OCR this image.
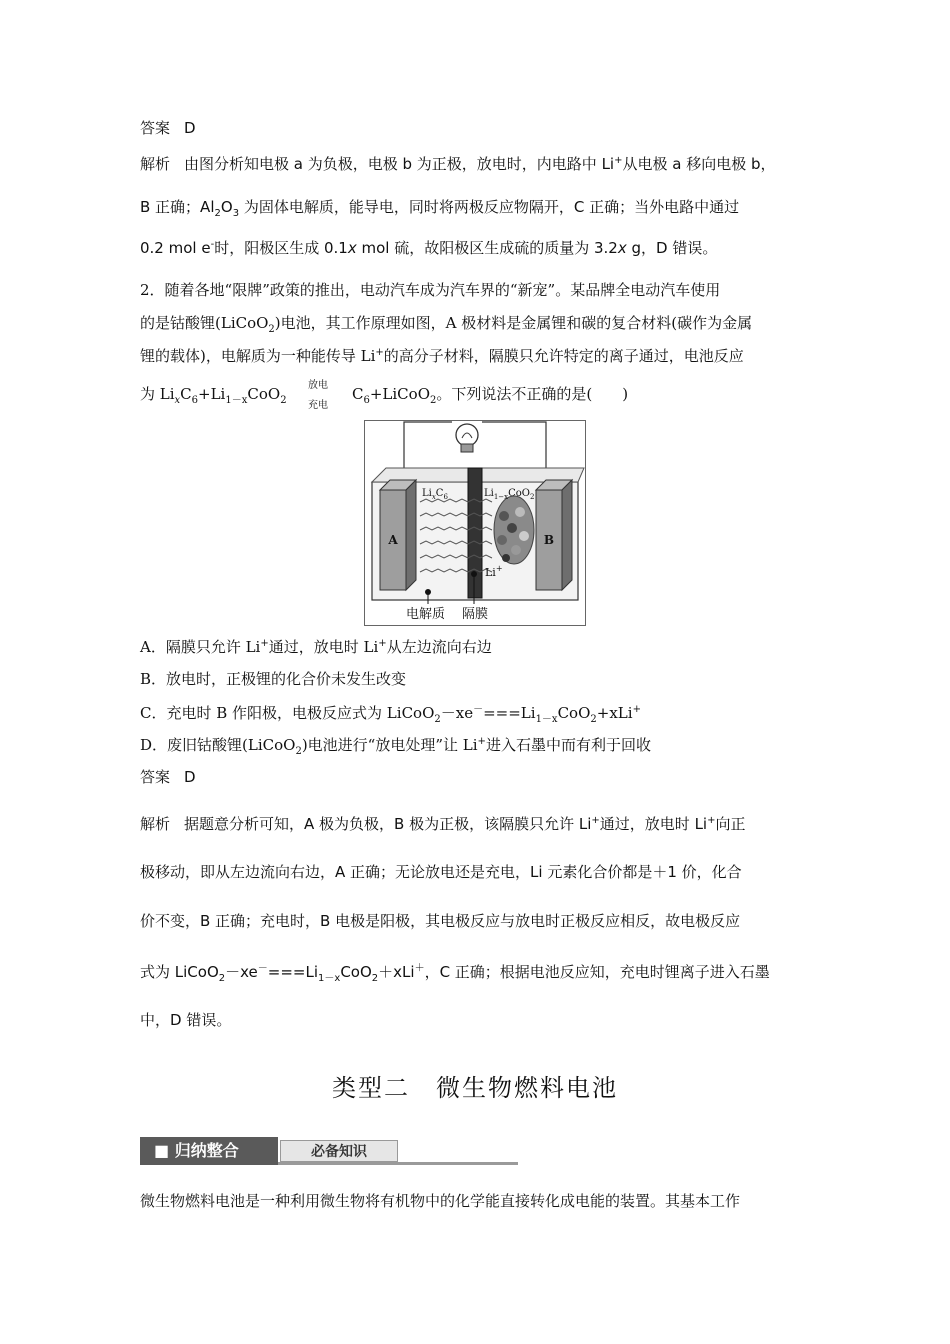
答案 D
解析 由图分析知电极 a 为负极，电极 b 为正极，放电时，内电路中 Li+从电极 a 移向电极 b，
B 正确；$Al_2O_3$ 为固体电解质，能导电，同时将两极反应物隔开，C 正确；当外电路中通过
0.2 mol e-时，阳极区生成 0.1x mol 硫，故阳极区生成硫的质量为 3.2x g，D 错误。
2．随着各地“限牌”政策的推出，电动汽车成为汽车界的“新宠”。某品牌全电动汽车使用
的是钴酸锂(LiCoO$_2$)电池，其工作原理如图，A 极材料是金属锂和碳的复合材料(碳作为金属
锂的载体)，电解质为一种能传导 Li+的高分子材料，隔膜只允许特定的离子通过，电池反应
为 $Li_xC_6+Li_{1-x}CoO_2$
放电
充电
$C_6+LiCoO_2$。下列说法不正确的是(　　)
A	B
$Li_xC_6$	$Li_{1-x}CoO_2$
Li+
电解质 隔膜
A．隔膜只允许 Li+通过，放电时 Li+从左边流向右边
B．放电时，正极锂的化合价未发生改变
C．充电时 B 作阳极，电极反应式为 $LiCoO_2-xe^-===Li_{1-x}CoO_2+xLi^+$
D．废旧钴酸锂(LiCoO$_2$)电池进行“放电处理”让 Li+进入石墨中而有利于回收
答案 D
解析 据题意分析可知，A 极为负极，B 极为正极，该隔膜只允许 Li+通过，放电时 Li+向正
极移动，即从左边流向右边，A 正确；无论放电还是充电，Li 元素化合价都是＋1 价，化合
价不变，B 正确；充电时，B 电极是阳极，其电极反应与放电时正极反应相反，故电极反应
式为 $LiCoO_2-xe^-===Li_{1-x}CoO_2+xLi^+$，C 正确；根据电池反应知，充电时锂离子进入石墨
中，D 错误。
类型二　微生物燃料电池
■ 归纳整合	必备知识
微生物燃料电池是一种利用微生物将有机物中的化学能直接转化成电能的装置。其基本工作
